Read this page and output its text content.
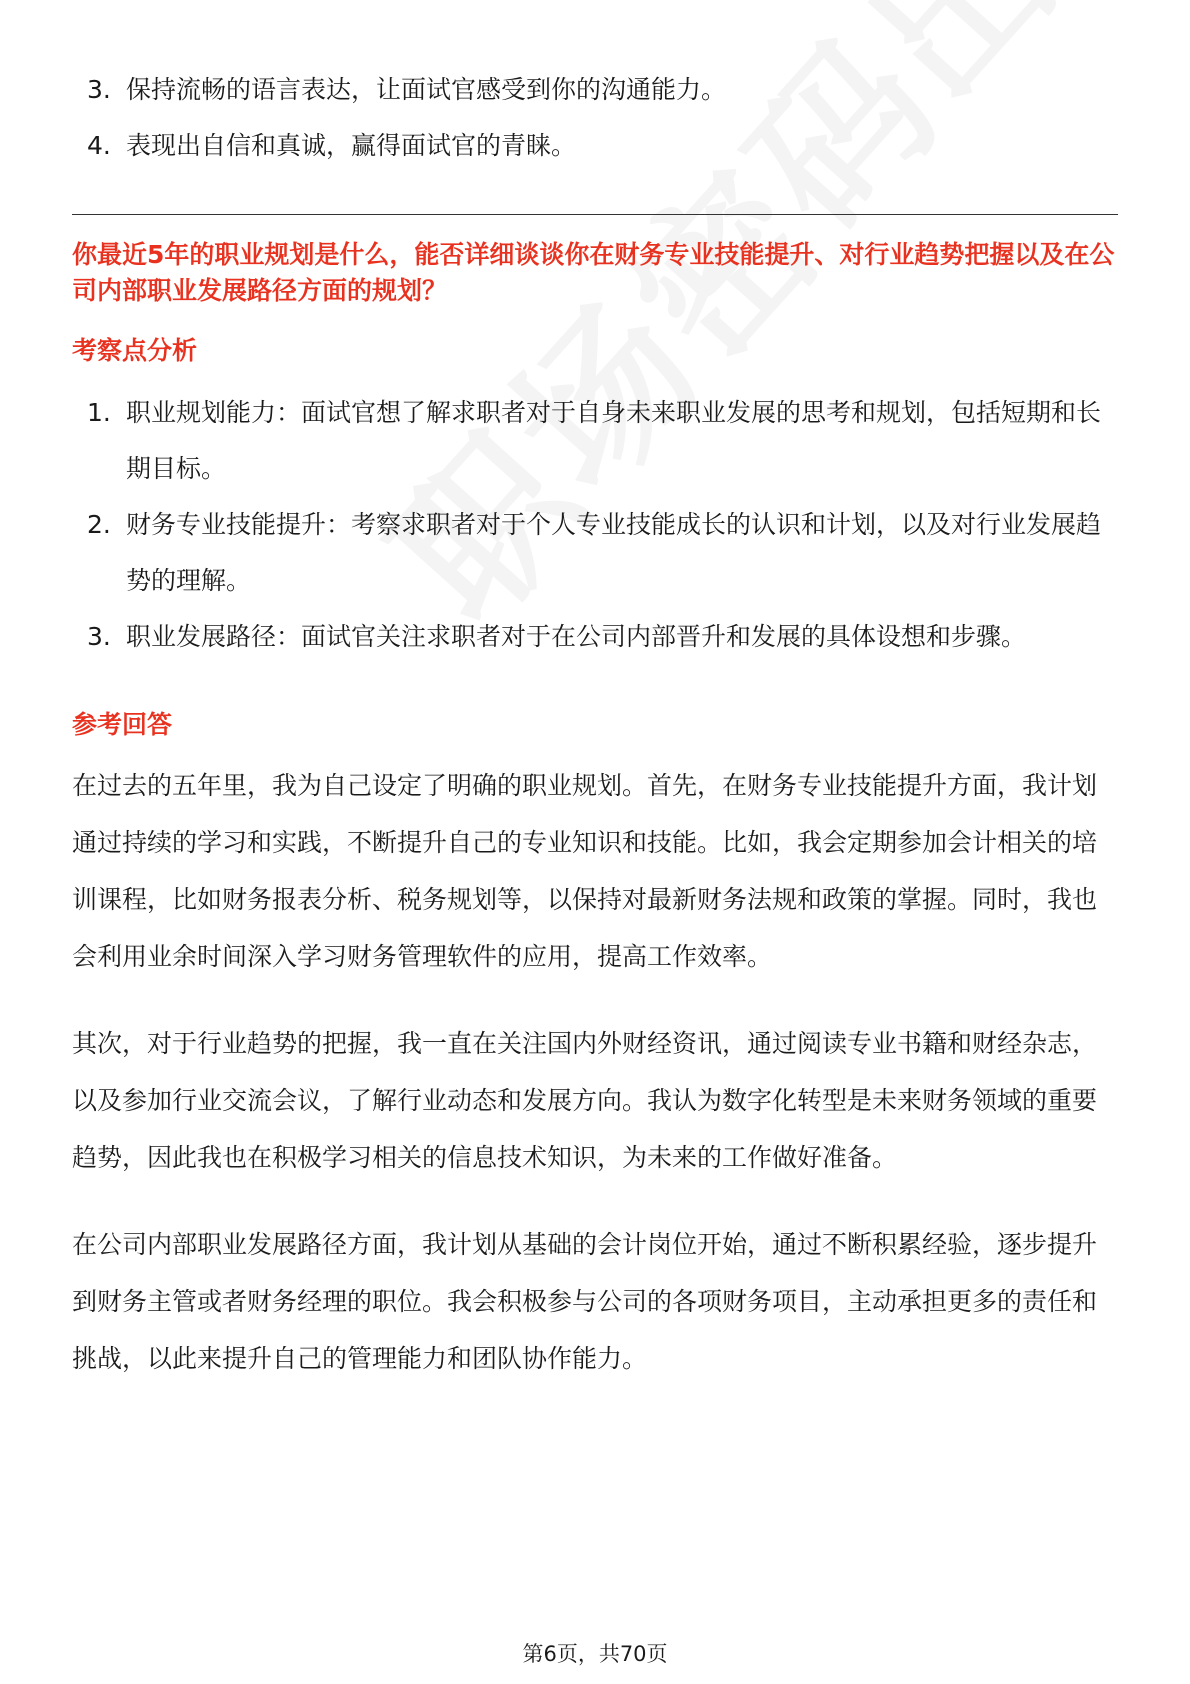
3. 保持流畅的语言表达，让面试官感受到你的沟通能力。
4. 表现出自信和真诚，赢得面试官的青睐。
你最近5年的职业规划是什么，能否详细谈谈你在财务专业技能提升、对行业趋势把握以及在公司内部职业发展路径方面的规划？
考察点分析
1. 职业规划能力：面试官想了解求职者对于自身未来职业发展的思考和规划，包括短期和长期目标。
2. 财务专业技能提升：考察求职者对于个人专业技能成长的认识和计划，以及对行业发展趋势的理解。
3. 职业发展路径：面试官关注求职者对于在公司内部晋升和发展的具体设想和步骤。
参考回答

在过去的五年里，我为自己设定了明确的职业规划。首先，在财务专业技能提升方面，我计划通过持续的学习和实践，不断提升自己的专业知识和技能。比如，我会定期参加会计相关的培训课程，比如财务报表分析、税务规划等，以保持对最新财务法规和政策的掌握。同时，我也会利用业余时间深入学习财务管理软件的应用，提高工作效率。

其次，对于行业趋势的把握，我一直在关注国内外财经资讯，通过阅读专业书籍和财经杂志，以及参加行业交流会议，了解行业动态和发展方向。我认为数字化转型是未来财务领域的重要趋势，因此我也在积极学习相关的信息技术知识，为未来的工作做好准备。

在公司内部职业发展路径方面，我计划从基础的会计岗位开始，通过不断积累经验，逐步提升到财务主管或者财务经理的职位。我会积极参与公司的各项财务项目，主动承担更多的责任和挑战，以此来提升自己的管理能力和团队协作能力。

第6页，共70页
